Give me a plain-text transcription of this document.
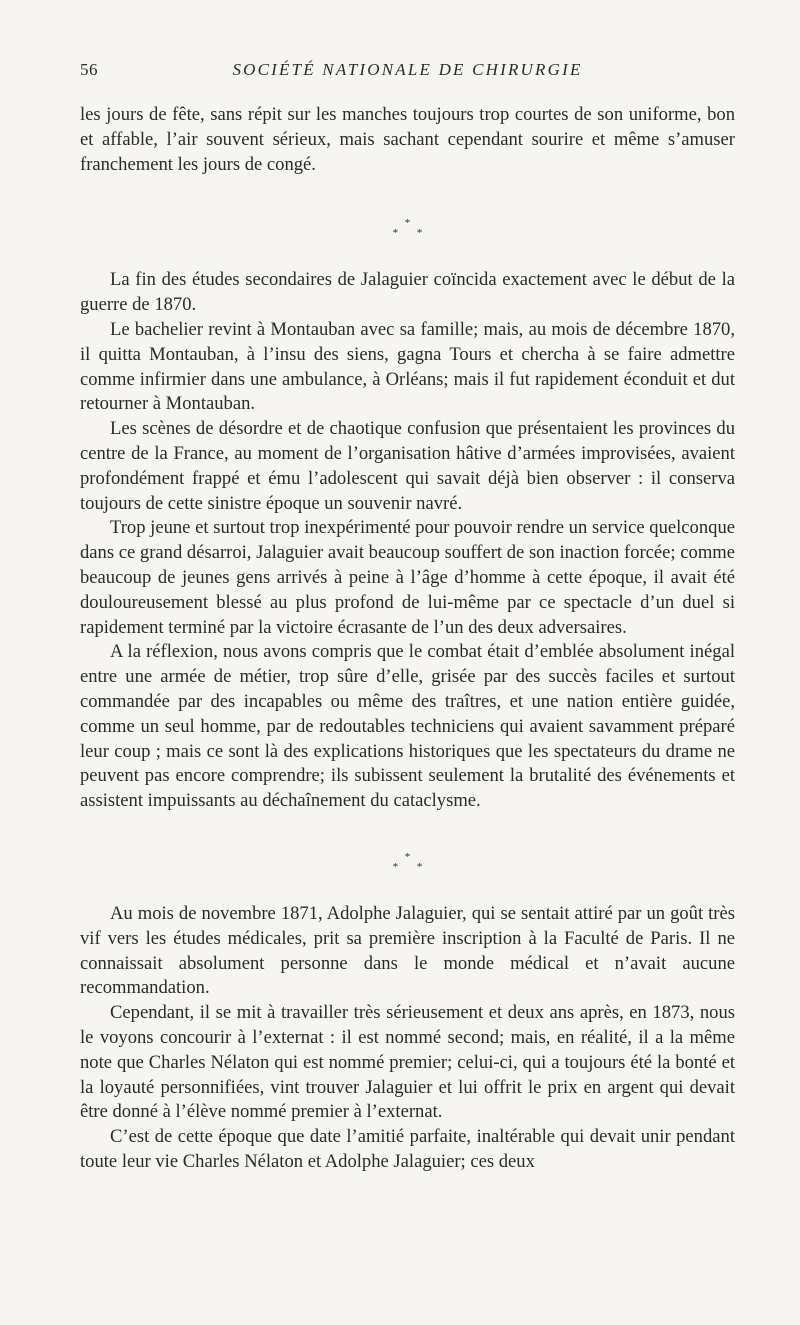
56	SOCIÉTÉ NATIONALE DE CHIRURGIE

les jours de fête, sans répit sur les manches toujours trop courtes de son uniforme, bon et affable, l’air souvent sérieux, mais sachant cependant sourire et même s’amuser franchement les jours de congé.

*
* *

La fin des études secondaires de Jalaguier coïncida exactement avec le début de la guerre de 1870.

Le bachelier revint à Montauban avec sa famille; mais, au mois de décembre 1870, il quitta Montauban, à l’insu des siens, gagna Tours et chercha à se faire admettre comme infirmier dans une ambulance, à Orléans; mais il fut rapidement éconduit et dut retourner à Montauban.

Les scènes de désordre et de chaotique confusion que présentaient les provinces du centre de la France, au moment de l’organisation hâtive d’armées improvisées, avaient profondément frappé et ému l’adolescent qui savait déjà bien observer : il conserva toujours de cette sinistre époque un souvenir navré.

Trop jeune et surtout trop inexpérimenté pour pouvoir rendre un service quelconque dans ce grand désarroi, Jalaguier avait beaucoup souffert de son inaction forcée; comme beaucoup de jeunes gens arrivés à peine à l’âge d’homme à cette époque, il avait été douloureusement blessé au plus profond de lui-même par ce spectacle d’un duel si rapidement terminé par la victoire écrasante de l’un des deux adversaires.

A la réflexion, nous avons compris que le combat était d’emblée absolument inégal entre une armée de métier, trop sûre d’elle, grisée par des succès faciles et surtout commandée par des incapables ou même des traîtres, et une nation entière guidée, comme un seul homme, par de redoutables techniciens qui avaient savamment préparé leur coup ; mais ce sont là des explications historiques que les spectateurs du drame ne peuvent pas encore comprendre; ils subissent seulement la brutalité des événements et assistent impuissants au déchaînement du cataclysme.

*
* *

Au mois de novembre 1871, Adolphe Jalaguier, qui se sentait attiré par un goût très vif vers les études médicales, prit sa première inscription à la Faculté de Paris. Il ne connaissait absolument personne dans le monde médical et n’avait aucune recommandation.

Cependant, il se mit à travailler très sérieusement et deux ans après, en 1873, nous le voyons concourir à l’externat : il est nommé second; mais, en réalité, il a la même note que Charles Nélaton qui est nommé premier; celui-ci, qui a toujours été la bonté et la loyauté personnifiées, vint trouver Jalaguier et lui offrit le prix en argent qui devait être donné à l’élève nommé premier à l’externat.

C’est de cette époque que date l’amitié parfaite, inaltérable qui devait unir pendant toute leur vie Charles Nélaton et Adolphe Jalaguier; ces deux
